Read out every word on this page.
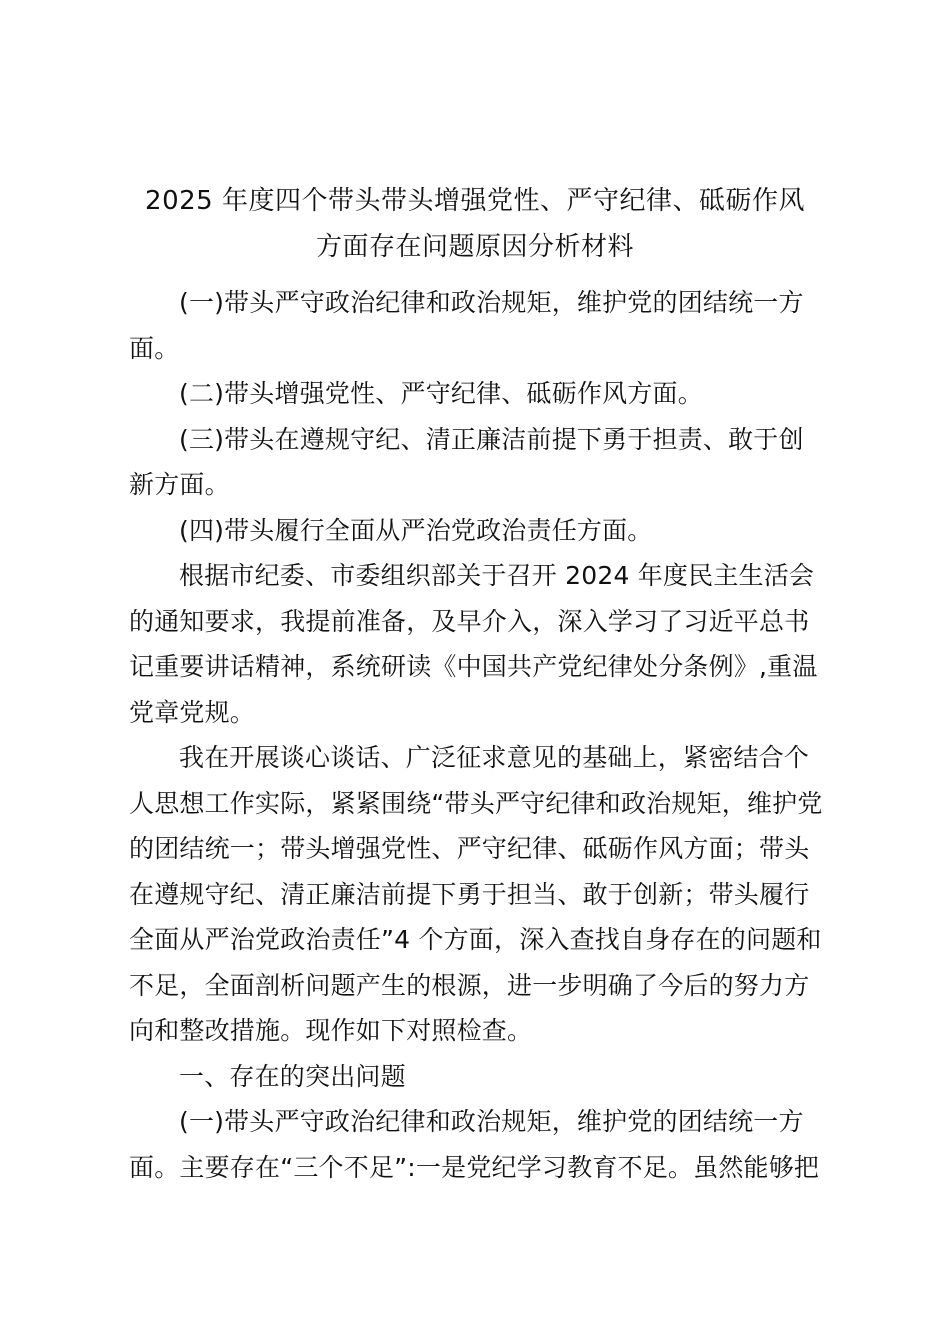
2025 年度四个带头带头增强党性、严守纪律、砥砺作风
方面存在问题原因分析材料
(一)带头严守政治纪律和政治规矩，维护党的团结统一方
面。
(二)带头增强党性、严守纪律、砥砺作风方面。
(三)带头在遵规守纪、清正廉洁前提下勇于担责、敢于创
新方面。
(四)带头履行全面从严治党政治责任方面。
根据市纪委、市委组织部关于召开 2024 年度民主生活会
的通知要求，我提前准备，及早介入，深入学习了习近平总书
记重要讲话精神，系统研读《中国共产党纪律处分条例》,重温
党章党规。
我在开展谈心谈话、广泛征求意见的基础上，紧密结合个
人思想工作实际，紧紧围绕“带头严守纪律和政治规矩，维护党
的团结统一；带头增强党性、严守纪律、砥砺作风方面；带头
在遵规守纪、清正廉洁前提下勇于担当、敢于创新；带头履行
全面从严治党政治责任”4 个方面，深入查找自身存在的问题和
不足，全面剖析问题产生的根源，进一步明确了今后的努力方
向和整改措施。现作如下对照检查。
一、存在的突出问题
(一)带头严守政治纪律和政治规矩，维护党的团结统一方
面。主要存在“三个不足”:一是党纪学习教育不足。虽然能够把
